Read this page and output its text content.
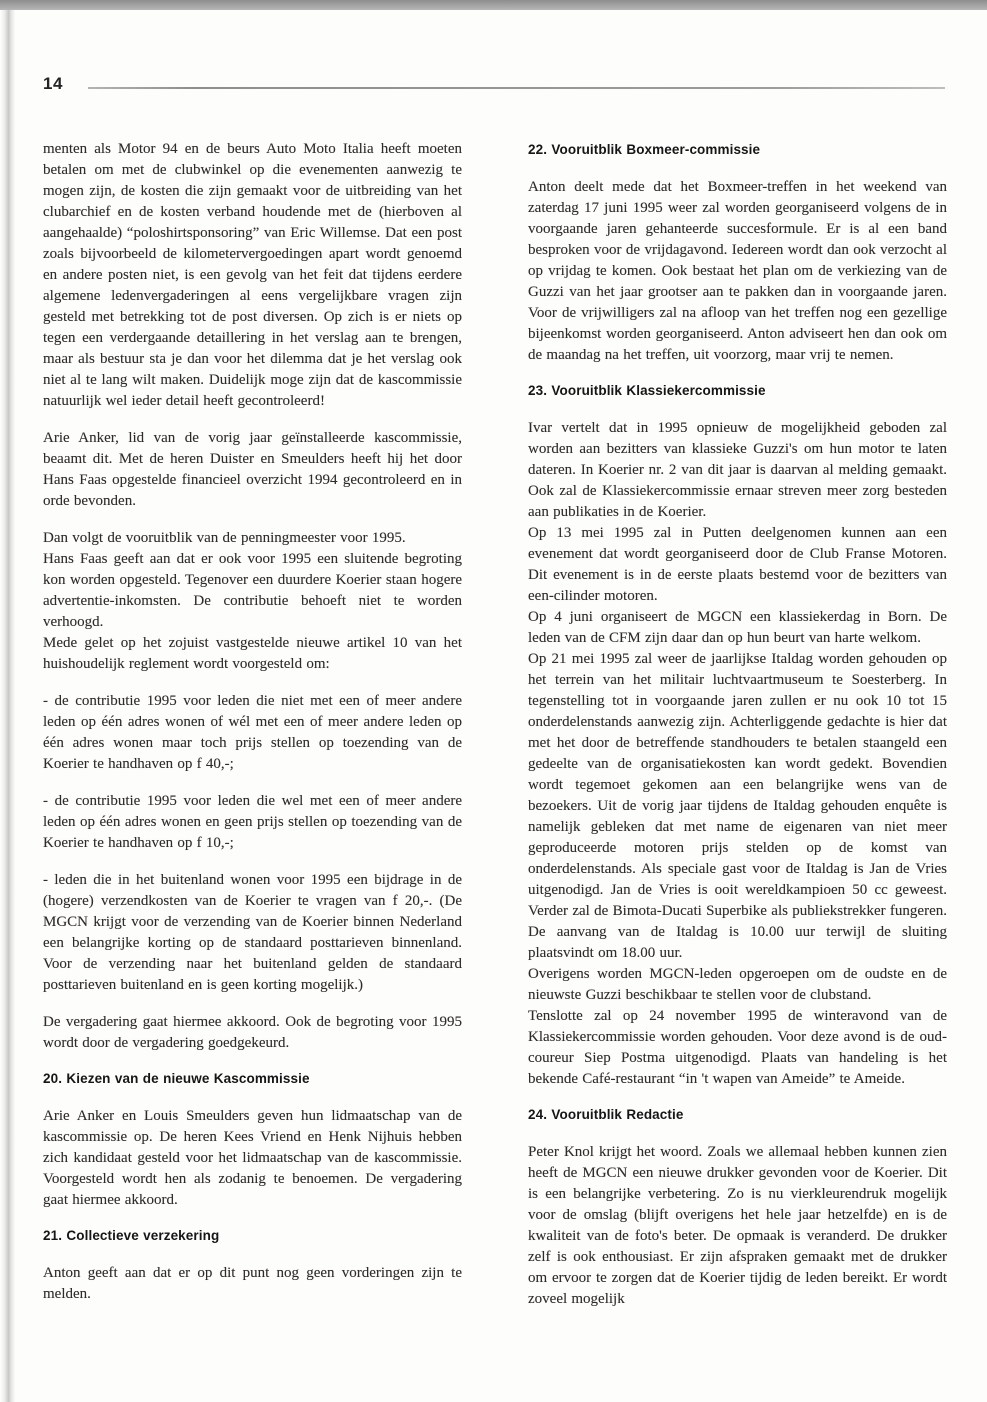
14

menten als Motor 94 en de beurs Auto Moto Italia heeft moeten betalen om met de clubwinkel op die evenementen aanwezig te mogen zijn, de kosten die zijn gemaakt voor de uitbreiding van het clubarchief en de kosten verband houdende met de (hierboven al aangehaalde) “poloshirtsponsoring” van Eric Willemse. Dat een post zoals bijvoorbeeld de kilometervergoedingen apart wordt genoemd en andere posten niet, is een gevolg van het feit dat tijdens eerdere algemene ledenvergaderingen al eens vergelijkbare vragen zijn gesteld met betrekking tot de post diversen. Op zich is er niets op tegen een verdergaande detaillering in het verslag aan te brengen, maar als bestuur sta je dan voor het dilemma dat je het verslag ook niet al te lang wilt maken. Duidelijk moge zijn dat de kascommissie natuurlijk wel ieder detail heeft gecontroleerd!

Arie Anker, lid van de vorig jaar geïnstalleerde kascommissie, beaamt dit. Met de heren Duister en Smeulders heeft hij het door Hans Faas opgestelde financieel overzicht 1994 gecontroleerd en in orde bevonden.

Dan volgt de vooruitblik van de penningmeester voor 1995.

Hans Faas geeft aan dat er ook voor 1995 een sluitende begroting kon worden opgesteld. Tegenover een duurdere Koerier staan hogere advertentie-inkomsten. De contributie behoeft niet te worden verhoogd.

Mede gelet op het zojuist vastgestelde nieuwe artikel 10 van het huishoudelijk reglement wordt voorgesteld om:

- de contributie 1995 voor leden die niet met een of meer andere leden op één adres wonen of wél met een of meer andere leden op één adres wonen maar toch prijs stellen op toezending van de Koerier te handhaven op f 40,-;

- de contributie 1995 voor leden die wel met een of meer andere leden op één adres wonen en geen prijs stellen op toezending van de Koerier te handhaven op f 10,-;

- leden die in het buitenland wonen voor 1995 een bijdrage in de (hogere) verzendkosten van de Koerier te vragen van f 20,-. (De MGCN krijgt voor de verzending van de Koerier binnen Nederland een belangrijke korting op de standaard posttarieven binnenland. Voor de verzending naar het buitenland gelden de standaard posttarieven buitenland en is geen korting mogelijk.)

De vergadering gaat hiermee akkoord. Ook de begroting voor 1995 wordt door de vergadering goedgekeurd.

20. Kiezen van de nieuwe Kascommissie

Arie Anker en Louis Smeulders geven hun lidmaatschap van de kascommissie op. De heren Kees Vriend en Henk Nijhuis hebben zich kandidaat gesteld voor het lidmaatschap van de kascommissie. Voorgesteld wordt hen als zodanig te benoemen. De vergadering gaat hiermee akkoord.

21. Collectieve verzekering

Anton geeft aan dat er op dit punt nog geen vorderingen zijn te melden.

22. Vooruitblik Boxmeer-commissie

Anton deelt mede dat het Boxmeer-treffen in het weekend van zaterdag 17 juni 1995 weer zal worden georganiseerd volgens de in voorgaande jaren gehanteerde succesformule. Er is al een band besproken voor de vrijdagavond. Iedereen wordt dan ook verzocht al op vrijdag te komen. Ook bestaat het plan om de verkiezing van de Guzzi van het jaar grootser aan te pakken dan in voorgaande jaren. Voor de vrijwilligers zal na afloop van het treffen nog een gezellige bijeenkomst worden georganiseerd. Anton adviseert hen dan ook om de maandag na het treffen, uit voorzorg, maar vrij te nemen.

23. Vooruitblik Klassiekercommissie

Ivar vertelt dat in 1995 opnieuw de mogelijkheid geboden zal worden aan bezitters van klassieke Guzzi's om hun motor te laten dateren. In Koerier nr. 2 van dit jaar is daarvan al melding gemaakt. Ook zal de Klassiekercommissie ernaar streven meer zorg besteden aan publikaties in de Koerier.

Op 13 mei 1995 zal in Putten deelgenomen kunnen aan een evenement dat wordt georganiseerd door de Club Franse Motoren. Dit evenement is in de eerste plaats bestemd voor de bezitters van een-cilinder motoren.

Op 4 juni organiseert de MGCN een klassiekerdag in Born. De leden van de CFM zijn daar dan op hun beurt van harte welkom.

Op 21 mei 1995 zal weer de jaarlijkse Italdag worden gehouden op het terrein van het militair luchtvaartmuseum te Soesterberg. In tegenstelling tot in voorgaande jaren zullen er nu ook 10 tot 15 onderdelenstands aanwezig zijn. Achterliggende gedachte is hier dat met het door de betreffende standhouders te betalen staangeld een gedeelte van de organisatiekosten kan wordt gedekt. Bovendien wordt tegemoet gekomen aan een belangrijke wens van de bezoekers. Uit de vorig jaar tijdens de Italdag gehouden enquête is namelijk gebleken dat met name de eigenaren van niet meer geproduceerde motoren prijs stelden op de komst van onderdelenstands. Als speciale gast voor de Italdag is Jan de Vries uitgenodigd. Jan de Vries is ooit wereldkampioen 50 cc geweest. Verder zal de Bimota-Ducati Superbike als publiekstrekker fungeren. De aanvang van de Italdag is 10.00 uur terwijl de sluiting plaatsvindt om 18.00 uur.

Overigens worden MGCN-leden opgeroepen om de oudste en de nieuwste Guzzi beschikbaar te stellen voor de clubstand.

Tenslotte zal op 24 november 1995 de winteravond van de Klassiekercommissie worden gehouden. Voor deze avond is de oud-coureur Siep Postma uitgenodigd. Plaats van handeling is het bekende Café-restaurant “in 't wapen van Ameide” te Ameide.

24. Vooruitblik Redactie

Peter Knol krijgt het woord. Zoals we allemaal hebben kunnen zien heeft de MGCN een nieuwe drukker gevonden voor de Koerier. Dit is een belangrijke verbetering. Zo is nu vierkleurendruk mogelijk voor de omslag (blijft overigens het hele jaar hetzelfde) en is de kwaliteit van de foto's beter. De opmaak is veranderd. De drukker zelf is ook enthousiast. Er zijn afspraken gemaakt met de drukker om ervoor te zorgen dat de Koerier tijdig de leden bereikt. Er wordt zoveel mogelijk
